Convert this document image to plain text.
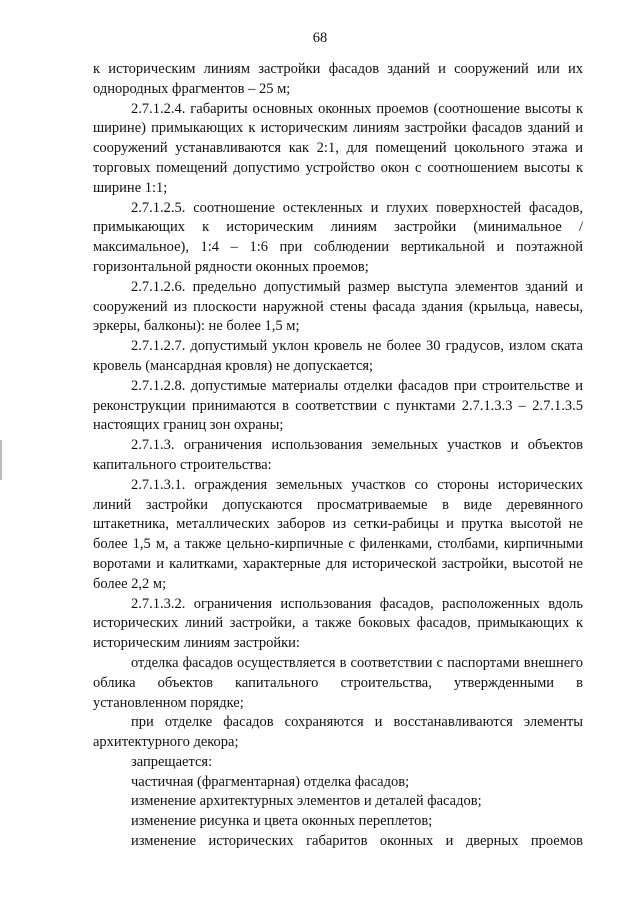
68

к историческим линиям застройки фасадов зданий и сооружений или их однородных фрагментов – 25 м;

2.7.1.2.4. габариты основных оконных проемов (соотношение высоты к ширине) примыкающих к историческим линиям застройки фасадов зданий и сооружений устанавливаются как 2:1, для помещений цокольного этажа и торговых помещений допустимо устройство окон с соотношением высоты к ширине 1:1;

2.7.1.2.5. соотношение остекленных и глухих поверхностей фасадов, примыкающих к историческим линиям застройки (минимальное / максимальное), 1:4 – 1:6 при соблюдении вертикальной и поэтажной горизонтальной рядности оконных проемов;

2.7.1.2.6. предельно допустимый размер выступа элементов зданий и сооружений из плоскости наружной стены фасада здания (крыльца, навесы, эркеры, балконы): не более 1,5 м;

2.7.1.2.7. допустимый уклон кровель не более 30 градусов, излом ската кровель (мансардная кровля) не допускается;

2.7.1.2.8. допустимые материалы отделки фасадов при строительстве и реконструкции принимаются в соответствии с пунктами 2.7.1.3.3 – 2.7.1.3.5 настоящих границ зон охраны;

2.7.1.3. ограничения использования земельных участков и объектов капитального строительства:

2.7.1.3.1. ограждения земельных участков со стороны исторических линий застройки допускаются просматриваемые в виде деревянного штакетника, металлических заборов из сетки-рабицы и прутка высотой не более 1,5 м, а также цельно-кирпичные с филенками, столбами, кирпичными воротами и калитками, характерные для исторической застройки, высотой не более 2,2 м;

2.7.1.3.2. ограничения использования фасадов, расположенных вдоль исторических линий застройки, а также боковых фасадов, примыкающих к историческим линиям застройки:

отделка фасадов осуществляется в соответствии с паспортами внешнего облика объектов капитального строительства, утвержденными в установленном порядке;

при отделке фасадов сохраняются и восстанавливаются элементы архитектурного декора;

запрещается:

частичная (фрагментарная) отделка фасадов;

изменение архитектурных элементов и деталей фасадов;

изменение рисунка и цвета оконных переплетов;

изменение исторических габаритов оконных и дверных проемов
